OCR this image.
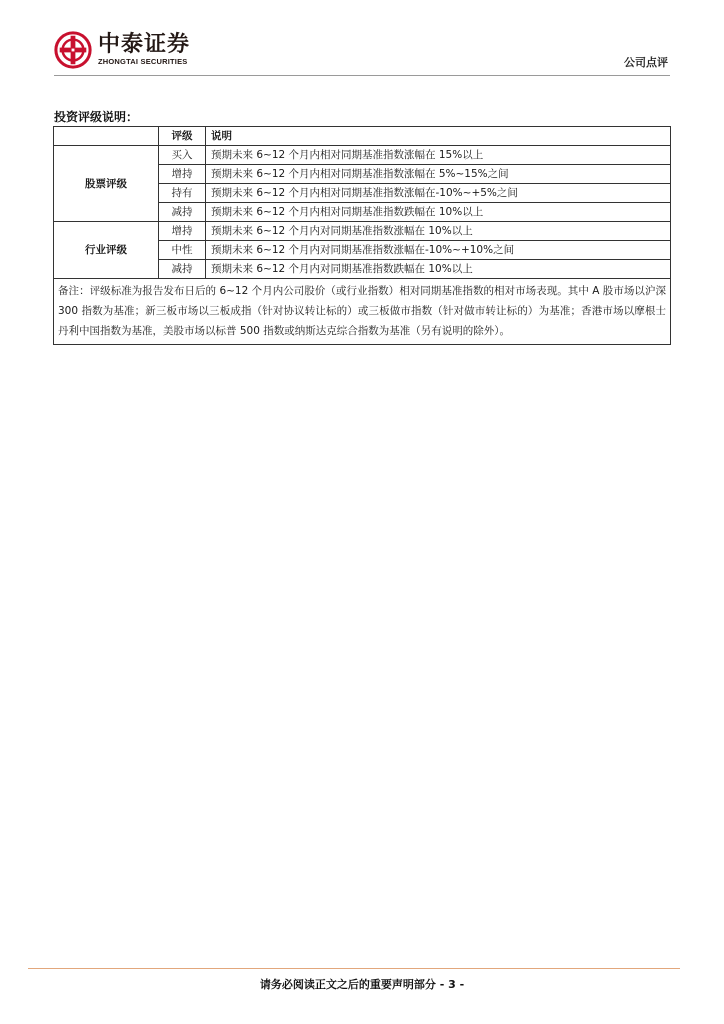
中泰证券
ZHONGTAI SECURITIES	公司点评
投资评级说明：
	评级	说明
股票评级	买入	预期未来 6~12 个月内相对同期基准指数涨幅在 15%以上
	增持	预期未来 6~12 个月内相对同期基准指数涨幅在 5%~15%之间
	持有	预期未来 6~12 个月内相对同期基准指数涨幅在-10%~+5%之间
	减持	预期未来 6~12 个月内相对同期基准指数跌幅在 10%以上
行业评级	增持	预期未来 6~12 个月内对同期基准指数涨幅在 10%以上
	中性	预期未来 6~12 个月内对同期基准指数涨幅在-10%~+10%之间
	减持	预期未来 6~12 个月内对同期基准指数跌幅在 10%以上
备注：评级标准为报告发布日后的 6~12 个月内公司股价（或行业指数）相对同期基准指数的相对市场表现。其中 A 股市场以沪深 300 指数为基准；新三板市场以三板成指（针对协议转让标的）或三板做市指数（针对做市转让标的）为基准；香港市场以摩根士丹利中国指数为基准，美股市场以标普 500 指数或纳斯达克综合指数为基准（另有说明的除外）。		
请务必阅读正文之后的重要声明部分 - 3 -
